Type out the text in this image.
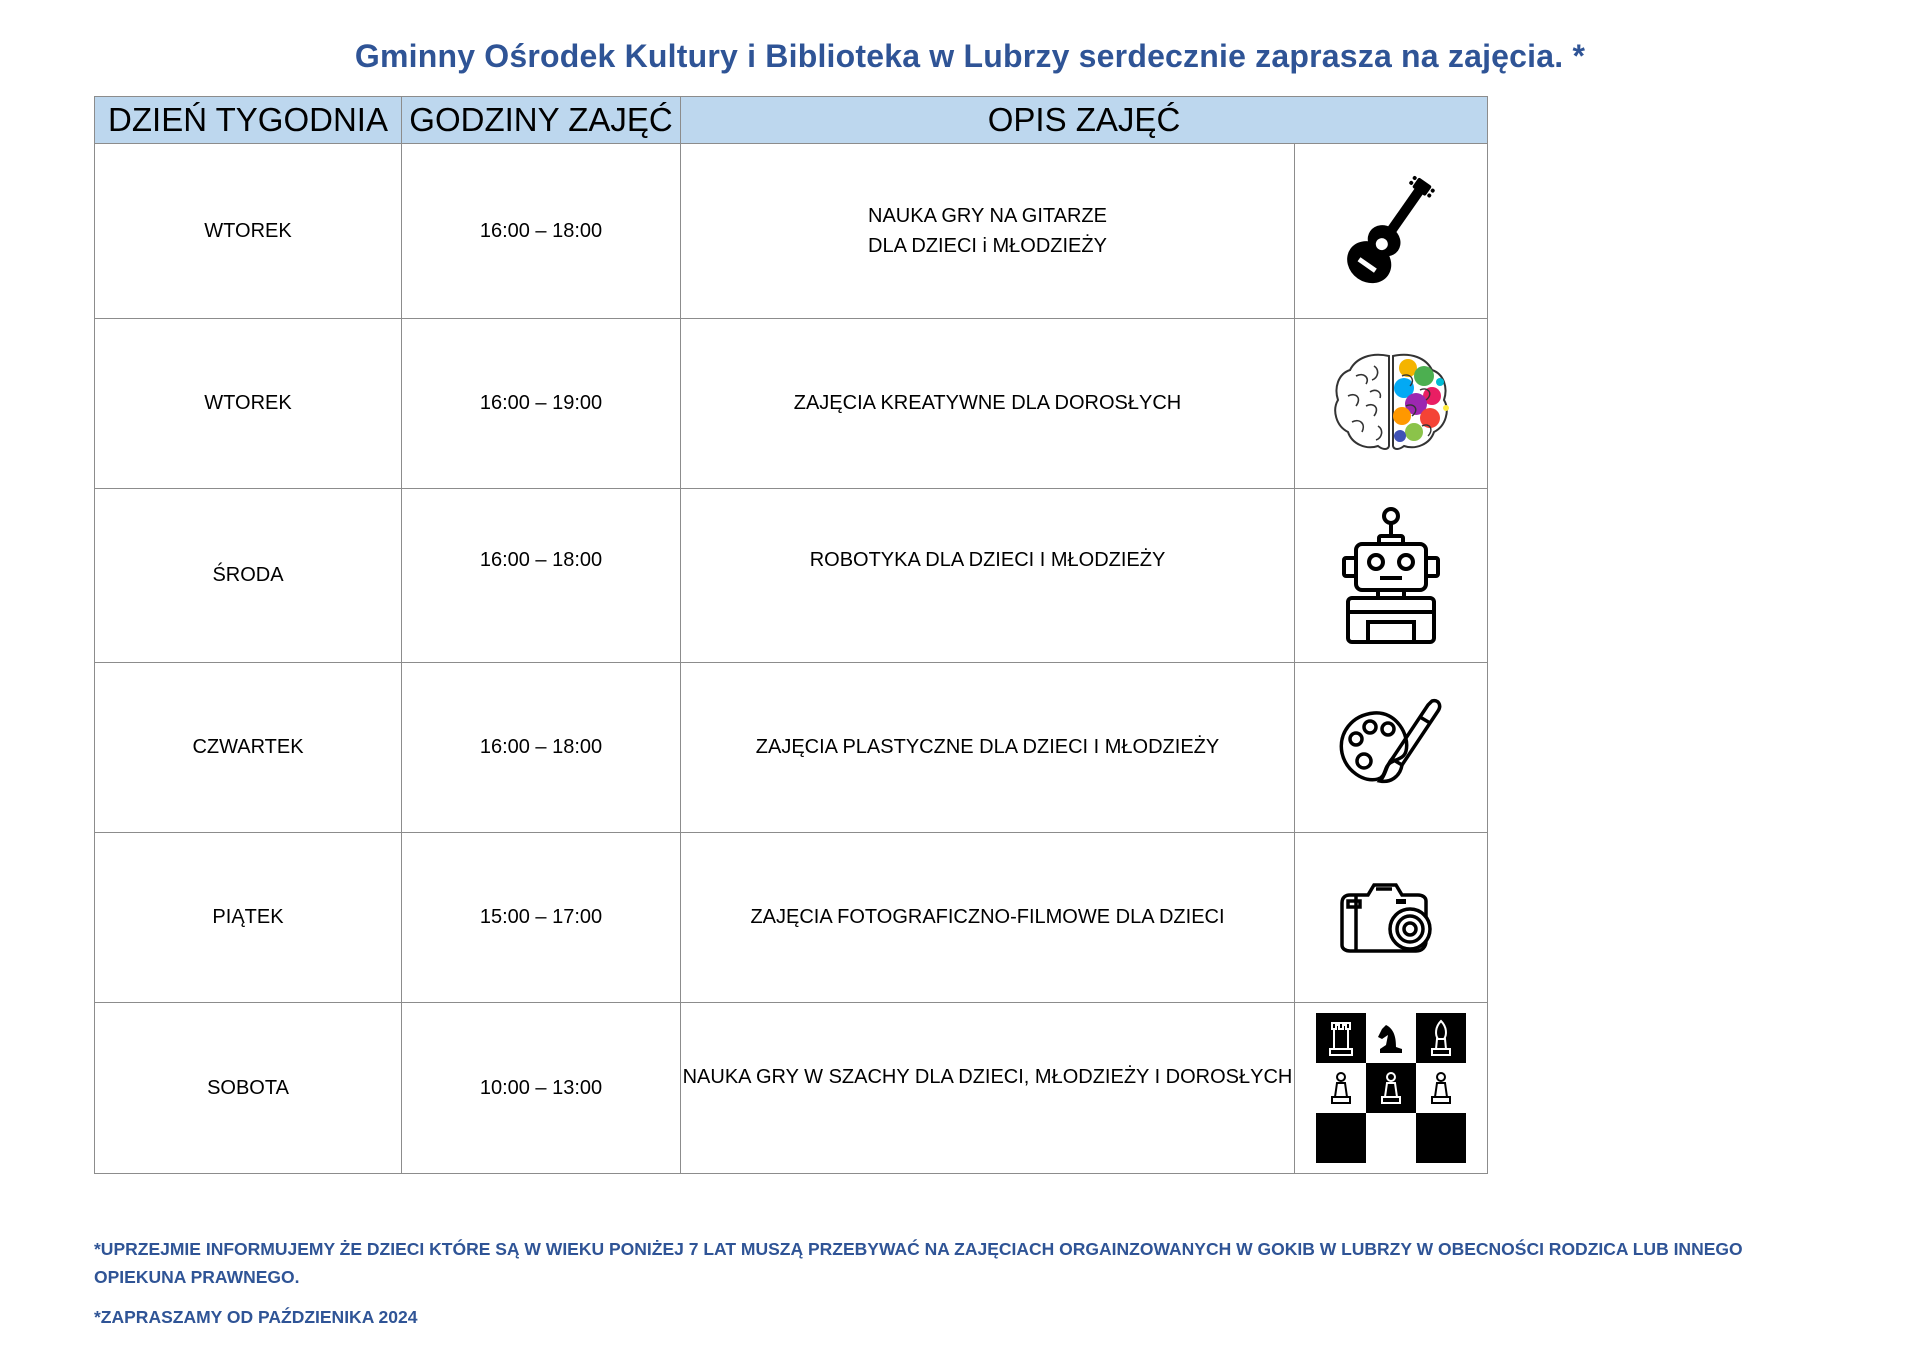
Gminny Ośrodek Kultury i Biblioteka w Lubrzy serdecznie zaprasza na zajęcia. *
DZIEŃ TYGODNIA	GODZINY ZAJĘĆ	OPIS ZAJĘĆ	
WTOREK	16:00 – 18:00	NAUKA GRY NA GITARZE
DLA DZIECI i MŁODZIEŻY

WTOREK	16:00 – 19:00	ZAJĘCIA KREATYWNE DLA DOROSŁYCH	

ŚRODA	16:00 – 18:00	ROBOTYKA DLA DZIECI I MŁODZIEŻY

CZWARTEK	16:00 – 18:00	ZAJĘCIA PLASTYCZNE DLA DZIECI I MŁODZIEŻY	

PIĄTEK	15:00 – 17:00	ZAJĘCIA FOTOGRAFICZNO-FILMOWE DLA DZIECI	

SOBOTA	10:00 – 13:00	NAUKA GRY W SZACHY DLA DZIECI, MŁODZIEŻY I DOROSŁYCH

*UPRZEJMIE INFORMUJEMY ŻE DZIECI KTÓRE SĄ W WIEKU PONIŻEJ 7 LAT MUSZĄ PRZEBYWAĆ NA ZAJĘCIACH ORGAINZOWANYCH W GOKIB W LUBRZY W OBECNOŚCI RODZICA LUB INNEGO OPIEKUNA PRAWNEGO.
*ZAPRASZAMY OD PAŹDZIENIKA 2024
